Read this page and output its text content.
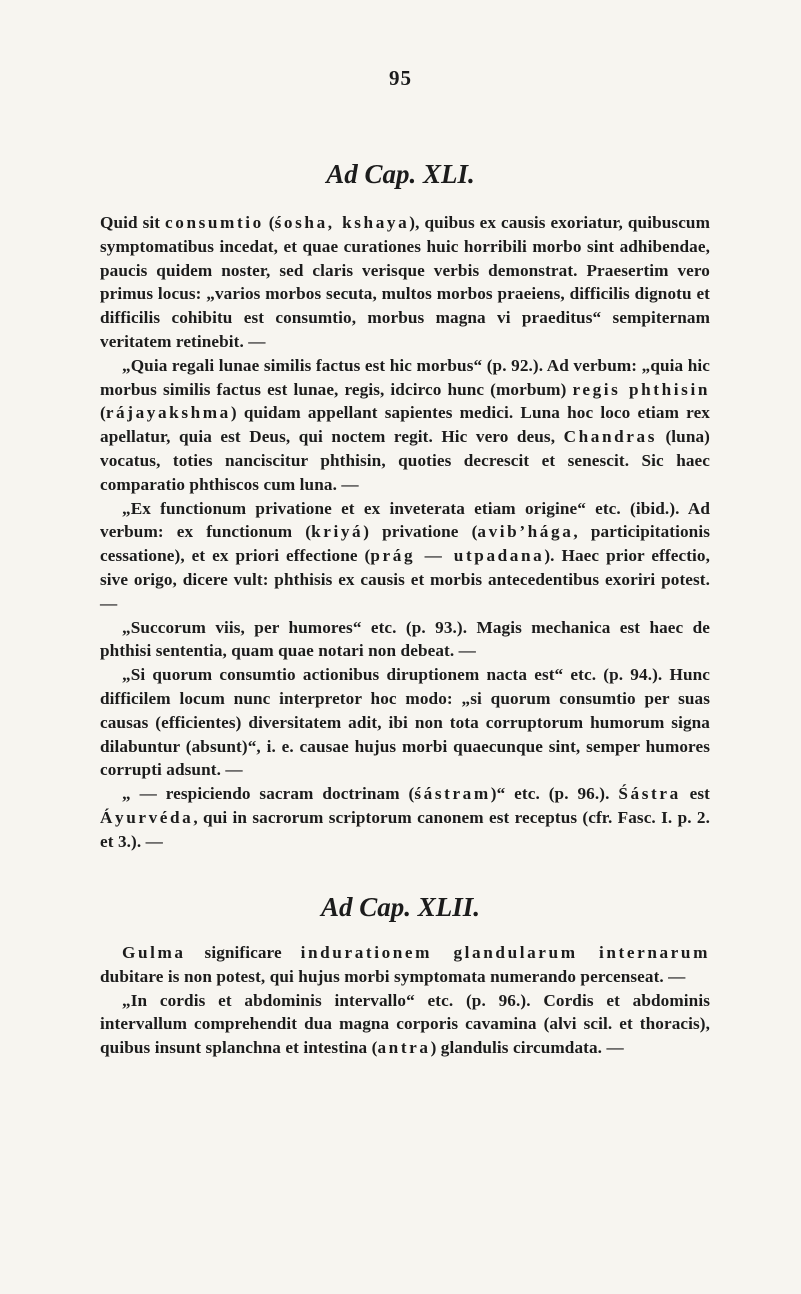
95
Ad Cap. XLI.

Quid sit consumtio (śosha, kshaya), quibus ex causis exoriatur, quibuscum symptomatibus incedat, et quae curationes huic horribili morbo sint adhibendae, paucis quidem noster, sed claris verisque verbis demonstrat. Praesertim vero primus locus: „varios morbos secuta, multos morbos praeiens, difficilis dignotu et difficilis cohibitu est consumtio, morbus magna vi praeditus“ sempiternam veritatem retinebit. —

„Quia regali lunae similis factus est hic morbus“ (p. 92.). Ad verbum: „quia hic morbus similis factus est lunae, regis, idcirco hunc (morbum) regis phthisin (rájayakshma) quidam appellant sapientes medici. Luna hoc loco etiam rex apellatur, quia est Deus, qui noctem regit. Hic vero deus, Chandras (luna) vocatus, toties nanciscitur phthisin, quoties decrescit et senescit. Sic haec comparatio phthiscos cum luna. —

„Ex functionum privatione et ex inveterata etiam origine“ etc. (ibid.). Ad verbum: ex functionum (kriyá) privatione (avib’hága, participitationis cessatione), et ex priori effectione (prág — utpadana). Haec prior effectio, sive origo, dicere vult: phthisis ex causis et morbis antecedentibus exoriri potest. —

„Succorum viis, per humores“ etc. (p. 93.). Magis mechanica est haec de phthisi sententia, quam quae notari non debeat. —

„Si quorum consumtio actionibus diruptionem nacta est“ etc. (p. 94.). Hunc difficilem locum nunc interpretor hoc modo: „si quorum consumtio per suas causas (efficientes) diversitatem adit, ibi non tota corruptorum humorum signa dilabuntur (absunt)“, i. e. causae hujus morbi quaecunque sint, semper humores corrupti adsunt. —

„ — respiciendo sacram doctrinam (śástram)“ etc. (p. 96.). Śástra est Áyurvéda, qui in sacrorum scriptorum canonem est receptus (cfr. Fasc. I. p. 2. et 3.). —

Ad Cap. XLII.

Gulma significare indurationem glandularum internarum dubitare is non potest, qui hujus morbi symptomata numerando percenseat. —

„In cordis et abdominis intervallo“ etc. (p. 96.). Cordis et abdominis intervallum comprehendit dua magna corporis cavamina (alvi scil. et thoracis), quibus insunt splanchna et intestina (antra) glandulis circumdata. —
